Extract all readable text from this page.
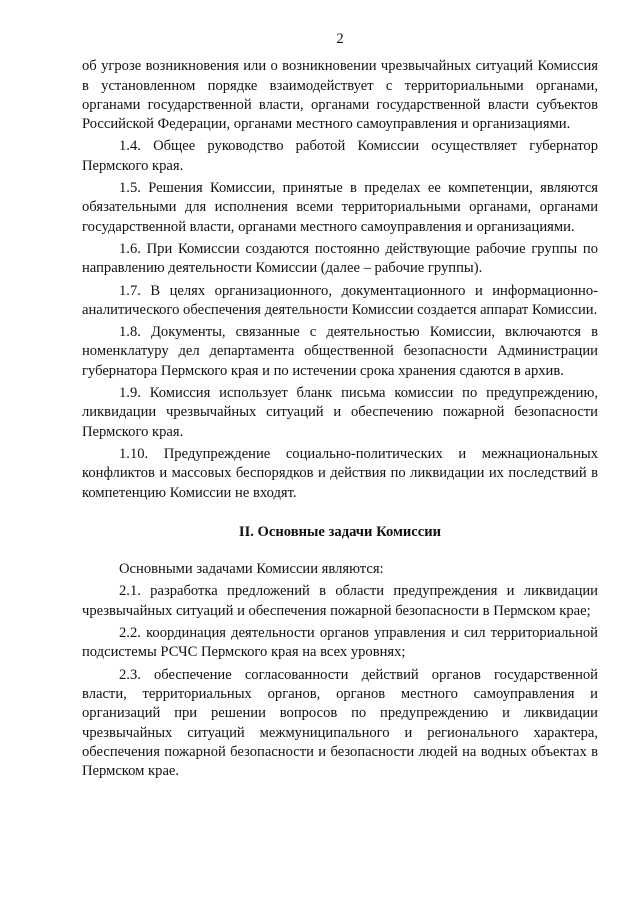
2

об угрозе возникновения или о возникновении чрезвычайных ситуаций Комиссия в установленном порядке взаимодействует с территориальными органами, органами государственной власти, органами государственной власти субъектов Российской Федерации, органами местного самоуправления и организациями.

1.4. Общее руководство работой Комиссии осуществляет губернатор Пермского края.

1.5. Решения Комиссии, принятые в пределах ее компетенции, являются обязательными для исполнения всеми территориальными органами, органами государственной власти, органами местного самоуправления и организациями.

1.6. При Комиссии создаются постоянно действующие рабочие группы по направлению деятельности Комиссии (далее – рабочие группы).

1.7. В целях организационного, документационного и информационно-аналитического обеспечения деятельности Комиссии создается аппарат Комиссии.

1.8. Документы, связанные с деятельностью Комиссии, включаются в номенклатуру дел департамента общественной безопасности Администрации губернатора Пермского края и по истечении срока хранения сдаются в архив.

1.9. Комиссия использует бланк письма комиссии по предупреждению, ликвидации чрезвычайных ситуаций и обеспечению пожарной безопасности Пермского края.

1.10. Предупреждение социально-политических и межнациональных конфликтов и массовых беспорядков и действия по ликвидации их последствий в компетенцию Комиссии не входят.

II. Основные задачи Комиссии

Основными задачами Комиссии являются:

2.1. разработка предложений в области предупреждения и ликвидации чрезвычайных ситуаций и обеспечения пожарной безопасности в Пермском крае;

2.2. координация деятельности органов управления и сил территориальной подсистемы РСЧС Пермского края на всех уровнях;

2.3. обеспечение согласованности действий органов государственной власти, территориальных органов, органов местного самоуправления и организаций при решении вопросов по предупреждению и ликвидации чрезвычайных ситуаций межмуниципального и регионального характера, обеспечения пожарной безопасности и безопасности людей на водных объектах в Пермском крае.
